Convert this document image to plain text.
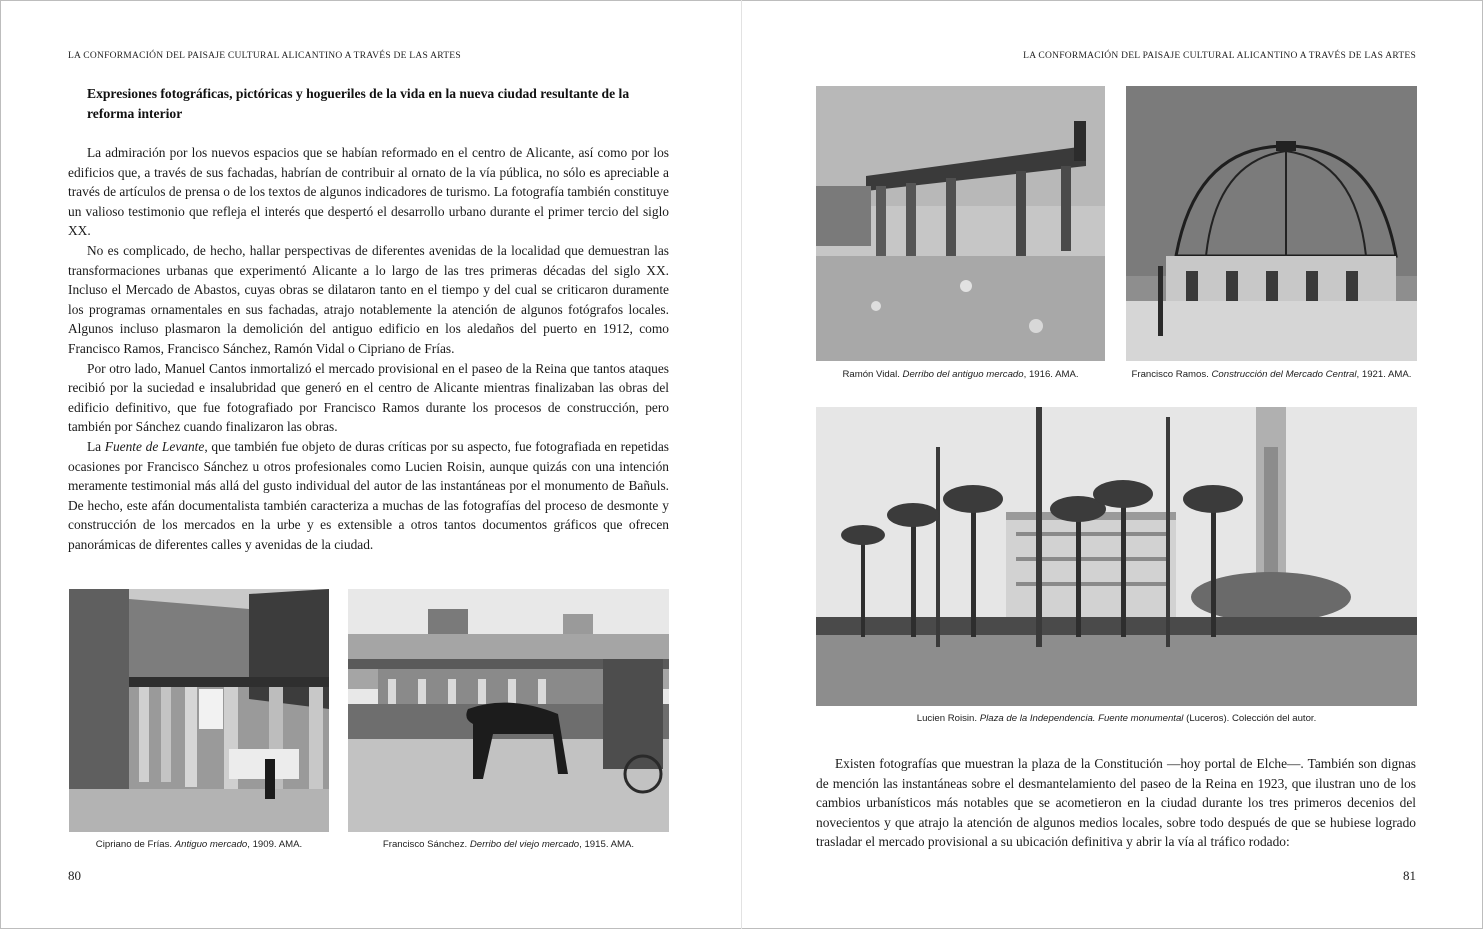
LA CONFORMACIÓN DEL PAISAJE CULTURAL ALICANTINO A TRAVÉS DE LAS ARTES	LA CONFORMACIÓN DEL PAISAJE CULTURAL ALICANTINO A TRAVÉS DE LAS ARTES
Expresiones fotográficas, pictóricas y hogueriles de la vida en la nueva ciudad resultante de la reforma interior

La admiración por los nuevos espacios que se habían reformado en el centro de Alicante, así como por los edificios que, a través de sus fachadas, habrían de contribuir al ornato de la vía pública, no sólo es apreciable a través de artículos de prensa o de los textos de algunos indicadores de turismo. La fotografía también constituye un valioso testimonio que refleja el interés que despertó el desarrollo urbano durante el primer tercio del siglo XX.

No es complicado, de hecho, hallar perspectivas de diferentes avenidas de la localidad que demuestran las transformaciones urbanas que experimentó Alicante a lo largo de las tres primeras décadas del siglo XX. Incluso el Mercado de Abastos, cuyas obras se dilataron tanto en el tiempo y del cual se criticaron duramente los programas ornamentales en sus fachadas, atrajo notablemente la atención de algunos fotógrafos locales. Algunos incluso plasmaron la demolición del antiguo edificio en los aledaños del puerto en 1912, como Francisco Ramos, Francisco Sánchez, Ramón Vidal o Cipriano de Frías.

Por otro lado, Manuel Cantos inmortalizó el mercado provisional en el paseo de la Reina que tantos ataques recibió por la suciedad e insalubridad que generó en el centro de Alicante mientras finalizaban las obras del edificio definitivo, que fue fotografiado por Francisco Ramos durante los procesos de construcción, pero también por Sánchez cuando finalizaron las obras.

La Fuente de Levante, que también fue objeto de duras críticas por su aspecto, fue fotografiada en repetidas ocasiones por Francisco Sánchez u otros profesionales como Lucien Roisin, aunque quizás con una intención meramente testimonial más allá del gusto individual del autor de las instantáneas por el monumento de Bañuls. De hecho, este afán documentalista también caracteriza a muchas de las fotografías del proceso de desmonte y construcción de los mercados en la urbe y es extensible a otros tantos documentos gráficos que ofrecen panorámicas de diferentes calles y avenidas de la ciudad.

Cipriano de Frías. Antiguo mercado, 1909. AMA.	Francisco Sánchez. Derribo del viejo mercado, 1915. AMA.
80
Ramón Vidal. Derribo del antiguo mercado, 1916. AMA.	Francisco Ramos. Construcción del Mercado Central, 1921. AMA.
Lucien Roisin. Plaza de la Independencia. Fuente monumental (Luceros). Colección del autor.

Existen fotografías que muestran la plaza de la Constitución —hoy portal de Elche—. También son dignas de mención las instantáneas sobre el desmantelamiento del paseo de la Reina en 1923, que ilustran uno de los cambios urbanísticos más notables que se acometieron en la ciudad durante los tres primeros decenios del novecientos y que atrajo la atención de algunos medios locales, sobre todo después de que se hubiese logrado trasladar el mercado provisional a su ubicación definitiva y abrir la vía al tráfico rodado:

81
